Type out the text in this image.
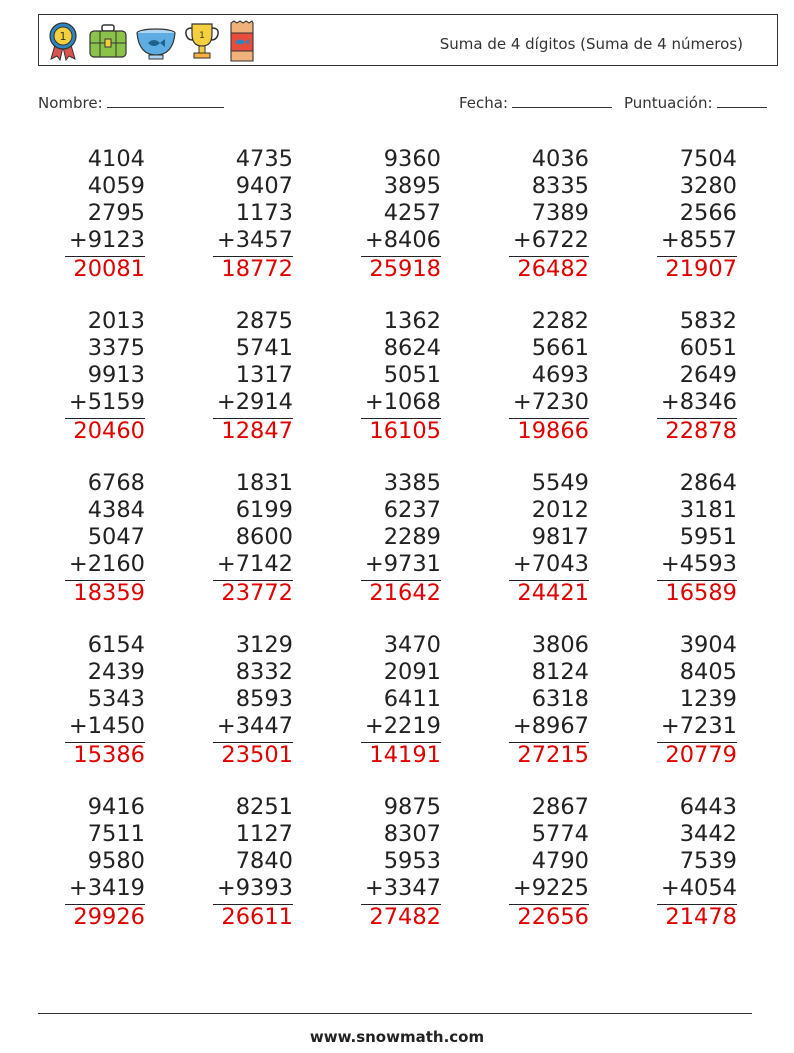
1	1	Suma de 4 dígitos (Suma de 4 números)
Nombre:	Fecha:	Puntuación:
4104
4059
2795
+9123
20081
4735
9407
1173
+3457
18772
9360
3895
4257
+8406
25918
4036
8335
7389
+6722
26482
7504
3280
2566
+8557
21907
2013
3375
9913
+5159
20460
2875
5741
1317
+2914
12847
1362
8624
5051
+1068
16105
2282
5661
4693
+7230
19866
5832
6051
2649
+8346
22878
6768
4384
5047
+2160
18359
1831
6199
8600
+7142
23772
3385
6237
2289
+9731
21642
5549
2012
9817
+7043
24421
2864
3181
5951
+4593
16589
6154
2439
5343
+1450
15386
3129
8332
8593
+3447
23501
3470
2091
6411
+2219
14191
3806
8124
6318
+8967
27215
3904
8405
1239
+7231
20779
9416
7511
9580
+3419
29926
8251
1127
7840
+9393
26611
9875
8307
5953
+3347
27482
2867
5774
4790
+9225
22656
6443
3442
7539
+4054
21478
www.snowmath.com
